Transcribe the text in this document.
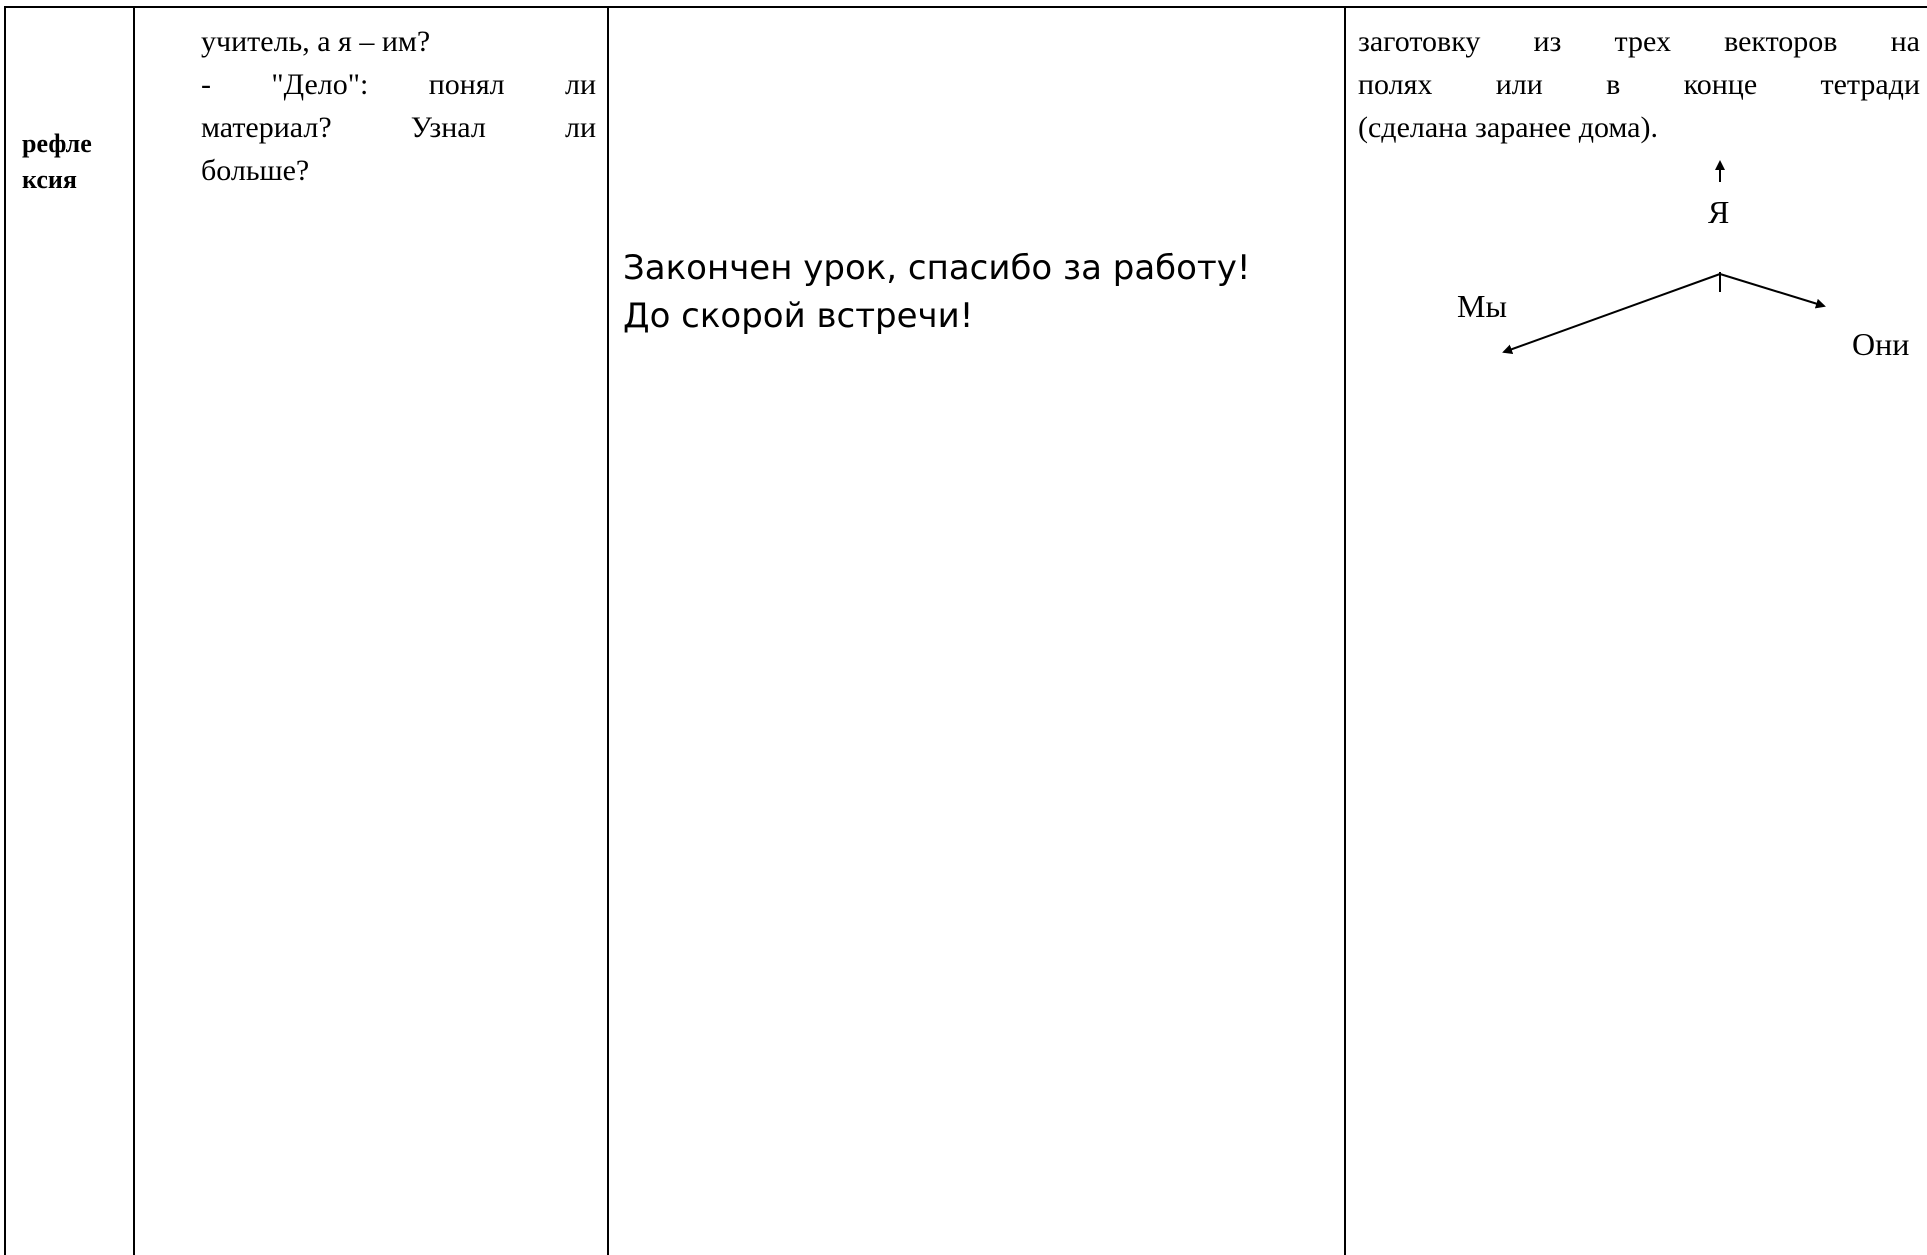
рефле
ксия
учитель, а я – им?
- "Дело": понял ли
материал?	Узнал	ли
больше?
Закончен урок, спасибо за работу!
До скорой встречи!
заготовку из трех векторов на
полях или в конце тетради
(сделана заранее дома).
Я
Мы
Они
